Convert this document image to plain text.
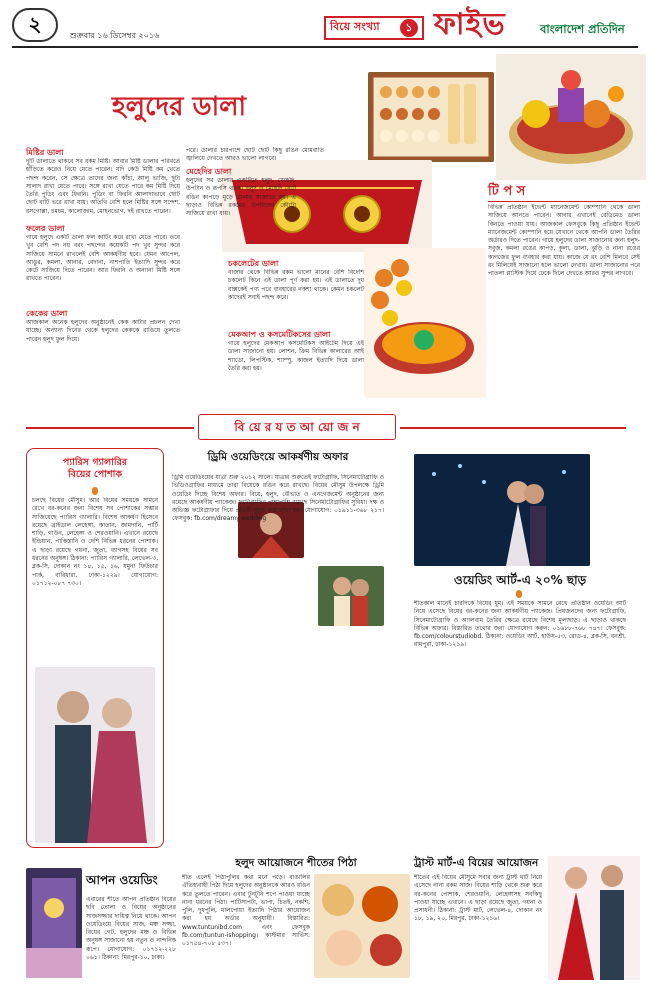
২	শুক্রবার ১৬ ডিসেম্বর ২০১৬
বিয়ে সংখ্যা	১ ফাইভ	বাংলাদেশ প্রতিদিন
হলুদের ডালা
মিষ্টির ডালা
দুটি ডালাতে থাকবে সব রকম মিষ্টি। আবার মিষ্টি ডালার পরিবর্তে হাঁড়িতে করেও নিয়ে যেতে পারেন। যদি কেউ মিষ্টি কম খেতে পছন্দ করেন, সে ক্ষেত্রে তাদের জন্য কাঁচা, আলু ভাজি, ছুটা সালাদ রাখা যেতে পারে। সঙ্গে রাখা যেতে পারে কম মিষ্টি দিয়ে তৈরি পুডিং এবং ফিরনি। পুডিং বা ফিরনি আলাদাভাবে ছোট ছোট বাটি ভরে রাখা যায়। অতিথি বেশি হলে মিষ্টির সঙ্গে সন্দেশ, রসগোল্লা, চমচম, কালোজাম, মোহনভোগ, দই রাখতে পারেন।
ফলের ডালা
গায়ে হলুদে একটি ডালা ফল কাটিং করে রাখা যেতে পারে। তবে খুব বেশি পদ নয় বরং পছন্দের কয়েকটি পদ খুব সুন্দর করে সাজিয়ে সামনে রাখলেই বেশি আকর্ষণীয় হবে। যেমন আপেল, আঙুর, কমলা, আনার, বেদানা, নাশপাতি ইত্যাদি সুন্দর করে কেটে সাজিয়ে দিতে পারেন। আর ফিরনি ও অন্যান্য মিষ্টি সঙ্গে রাখতে পারেন।
কেকের ডালা
আজকাল অনেক হলুদের অনুষ্ঠানেই কেক কাটার প্রচলন দেখা যাচ্ছে। অন্যান্য দিনের থেকে হলুদের কেককে রাঙিয়ে তুলতে পারেন হলুদ ফুল দিয়ে।
পরে। ডালার চারপাশে ছোট ছোট কিছু রঙিন মোমবাতি জ্বালিয়ে দেখতে আরও ভালো লাগবে।
মেহেদির ডালা
হলুদের সব ডালার একটিতে হলুদ, মেহেদি, উপটান ও রূপসি থাকে। হলুদ ও মেহেদি বেটে রঙিন কাপড়ে মুড়ে ডালায় সাজাতে হয়। এ ছাড়াও বিভিন্ন রকমের উপটানের কৌটো সাজিয়ে রাখা যায়।
চকলেটের ডালা
বাজার থেকে বিভিন্ন রকম ভালো মানের বেশি বিদেশি চকলেট কিনে এই ডালা পূর্ণ করা হয়। এই ডালাতে দুধ বাক্সকেই পণ্য পরে ব্যবহারের নকশা থাকে। কেমন চকলেট কাদেরই সবাই পছন্দ করে।
মেকআপ ও কসমেটিকসের ডালা
গায়ে হলুদের মেকআপ কসমেটিকস আইটেম দিয়ে এই ডালা সাজানো হয়। লোশন, ক্রিম বিভিন্ন কালারের আই শ্যাডো, লিপস্টিক, শ্যাম্পু, কাজল ইত্যাদি দিয়ে ডালা তৈরি করা হয়।
টি প স
বিভিন্ন প্রতিষ্ঠান ইভেন্ট ম্যানেজমেন্ট কোম্পানি থেকে ডালা সাজিয়ে আনতে পারেন। আবার এখানেই রেডিমেড ডালা কিনতে পাওয়া যায়। আজকাল ফেসবুকে কিছু প্রতিষ্ঠান ইভেন্ট ম্যানেজমেন্ট কোম্পানি হয়ে যেখানে থেকে আপনি ডালা তৈরির অর্ডারও দিতে পারেন। গায়ে হলুদের ডালা সাজানোর জন্য হলুদ-সবুজ, কমলা রঙের কাপড়, কুলা, ডালা, ঝুড়ি ও নানা রঙের কাগজের ফুল ব্যবহার করা যায়। কাজে যে রং বেশি মিলবে সেই রং মিলিয়েই সাজানো হলে ভালো দেখায়। ডালা সাজানোর পরে পাতলা প্লাস্টিক দিয়ে ঢেকে দিলে দেখতে আরও সুন্দর লাগবে।
বি য়ে র য ত আ য়ো জ ন
প্যারিস গ্যালারির
বিয়ের পোশাক
চলছে বিয়ের মৌসুম। আর বিয়ের সময়কে সামনে রেখে বর-কনের জন্য বিশেষ সব পোশাকের সম্ভার সাজিয়েছে প্যারিস গ্যালারি। বিশেষ আকর্ষণ হিসেবে রয়েছে ব্রাইডাল লেহেঙ্গা, কাতান, জামদানি, পার্টি শাড়ি, গাউন, লেহেঙ্গা ও শেরওয়ানি। এখানে রয়েছে ইন্ডিয়ান, পাকিস্তানি ও দেশি বিভিন্ন ধরনের পোশাক। এ ছাড়া রয়েছে গয়না, জুতা, ব্যাগসহ বিয়ের সব ধরনের অনুষঙ্গ। ঠিকানা: প্যারিস গ্যালারি, লেভেল-৩, ব্লক-সি, দোকান নং ১৪, ১৫, ১৬, যমুনা ফিউচার পার্ক, বারিধারা, ঢাকা-১২২৯। যোগাযোগ: ০১৭১২-০৮৭ ৭৩০।
ড্রিমি ওয়েডিংয়ে আকর্ষণীয় অফার
ড্রিমি ওয়েডিংয়ের যাত্রা শুরু ২০১২ সালে। যাত্রার শুরুতেই ফটোগ্রাফি, সিনেমাটোগ্রাফি ও ভিডিওগ্রাফির মাধ্যমে তারা বিয়েকে রঙিন করে রাখছে। বিয়ের মৌসুম উপলক্ষে ড্রিমি ওয়েডিং দিচ্ছে বিশেষ অফার। বিয়ে, হলুদ, বৌভাত ও এনগেজমেন্ট অনুষ্ঠানের জন্য রয়েছে আকর্ষণীয় প্যাকেজ। ফটোগ্রাফির পাশাপাশি রয়েছে সিনেমাটোগ্রাফির সুবিধা। দক্ষ ও অভিজ্ঞ ফটোগ্রাফার দিয়ে প্রতিটি মুহূর্ত ধরে রাখা হয়। যোগাযোগ: ০১৯১১-৩৬৮ ২১৭। ফেসবুক: fb.com/dreamy.wedding
ওয়েডিং আর্ট-এ ২০% ছাড়
শীতকাল মানেই চারদিকে বিয়ের ধুম। এই সময়কে সামনে রেখে প্রতিষ্ঠান ওয়েডিং আর্ট নিয়ে এসেছে বিয়ের বর-কনের জন্য আকর্ষণীয় প্যাকেজ। প্রিয়জনদের জন্য ফটোগ্রাফি, সিনেমাটোগ্রাফি ও অ্যালবাম তৈরির ক্ষেত্রে রয়েছে বিশেষ মূল্যছাড়। এ ছাড়াও থাকছে বিভিন্ন অফার। বিস্তারিত তথ্যের জন্য যোগাযোগ করুন: ০১৬৮৮-৭৬৮ ৭৪৭। ফেসবুক: fb.com/colourstudiobd. ঠিকানা: ওয়েডিং আর্ট, হাউস-৫৩, রোড-৪, ব্লক-সি, বনশ্রী, রামপুরা, ঢাকা-১২১৯।
আপন ওয়েডিং
এবারের শীতে আপন প্রতিষ্ঠান বিয়ের ছবি তোলা ও বিয়ের অনুষ্ঠানের সাজসজ্জার দায়িত্ব নিয়ে থাকে। আপন ওয়েডিংয়ে বিয়ের সাজ, মঞ্চ সজ্জা, বিয়ের গেট, হলুদের মঞ্চ ও বিভিন্ন অনুষঙ্গ সাজানো হয় নতুন ও নান্দনিক রূপে। যোগাযোগ: ০১৭১২-২২৮ ০৬১। ঠিকানা: মিরপুর-১০, ঢাকা।
হলুদ আয়োজনে শীতের পিঠা
শীত এলেই পিঠাপুলির কথা মনে পড়ে। বাঙালির ঐতিহ্যবাহী পিঠা দিয়ে হলুদের অনুষ্ঠানকে আরও রঙিন করে তুলতে পারেন। এবার টুনটুনি শপে পাওয়া যাচ্ছে নানা ধরনের পিঠা। পাটিসাপটা, ভাপা, চিতই, নকশি, পুলি, দুধপুলি, মালপোয়া ইত্যাদি পিঠার আয়োজন করা হয় অর্ডার অনুযায়ী। বিস্তারিত: www.tuntunibd.com এবং ফেসবুক fb.com/tuntun-ishopping। কাস্টমার সার্ভিস: ০১৭৫৪-৭০৮ ৫৩৭।
ট্রাস্ট মার্ট-এ বিয়ের আয়োজন
শীতের এই বিয়ের মৌসুমে সবার জন্য ট্রাস্ট মার্ট নিয়ে এসেছে নানা রকম সাজ। বিয়ের শাড়ি থেকে শুরু করে বর-কনের পোশাক, শেরওয়ানি, লেহেঙ্গাসহ সবকিছু পাওয়া যাচ্ছে এখানে। এ ছাড়া রয়েছে জুতা, গয়না ও প্রসাধনী। ঠিকানা: ট্রাস্ট মার্ট, লেভেল-৪, দোকান নং ১৮, ১৯, ২০, মিরপুর, ঢাকা-১২১৬।
